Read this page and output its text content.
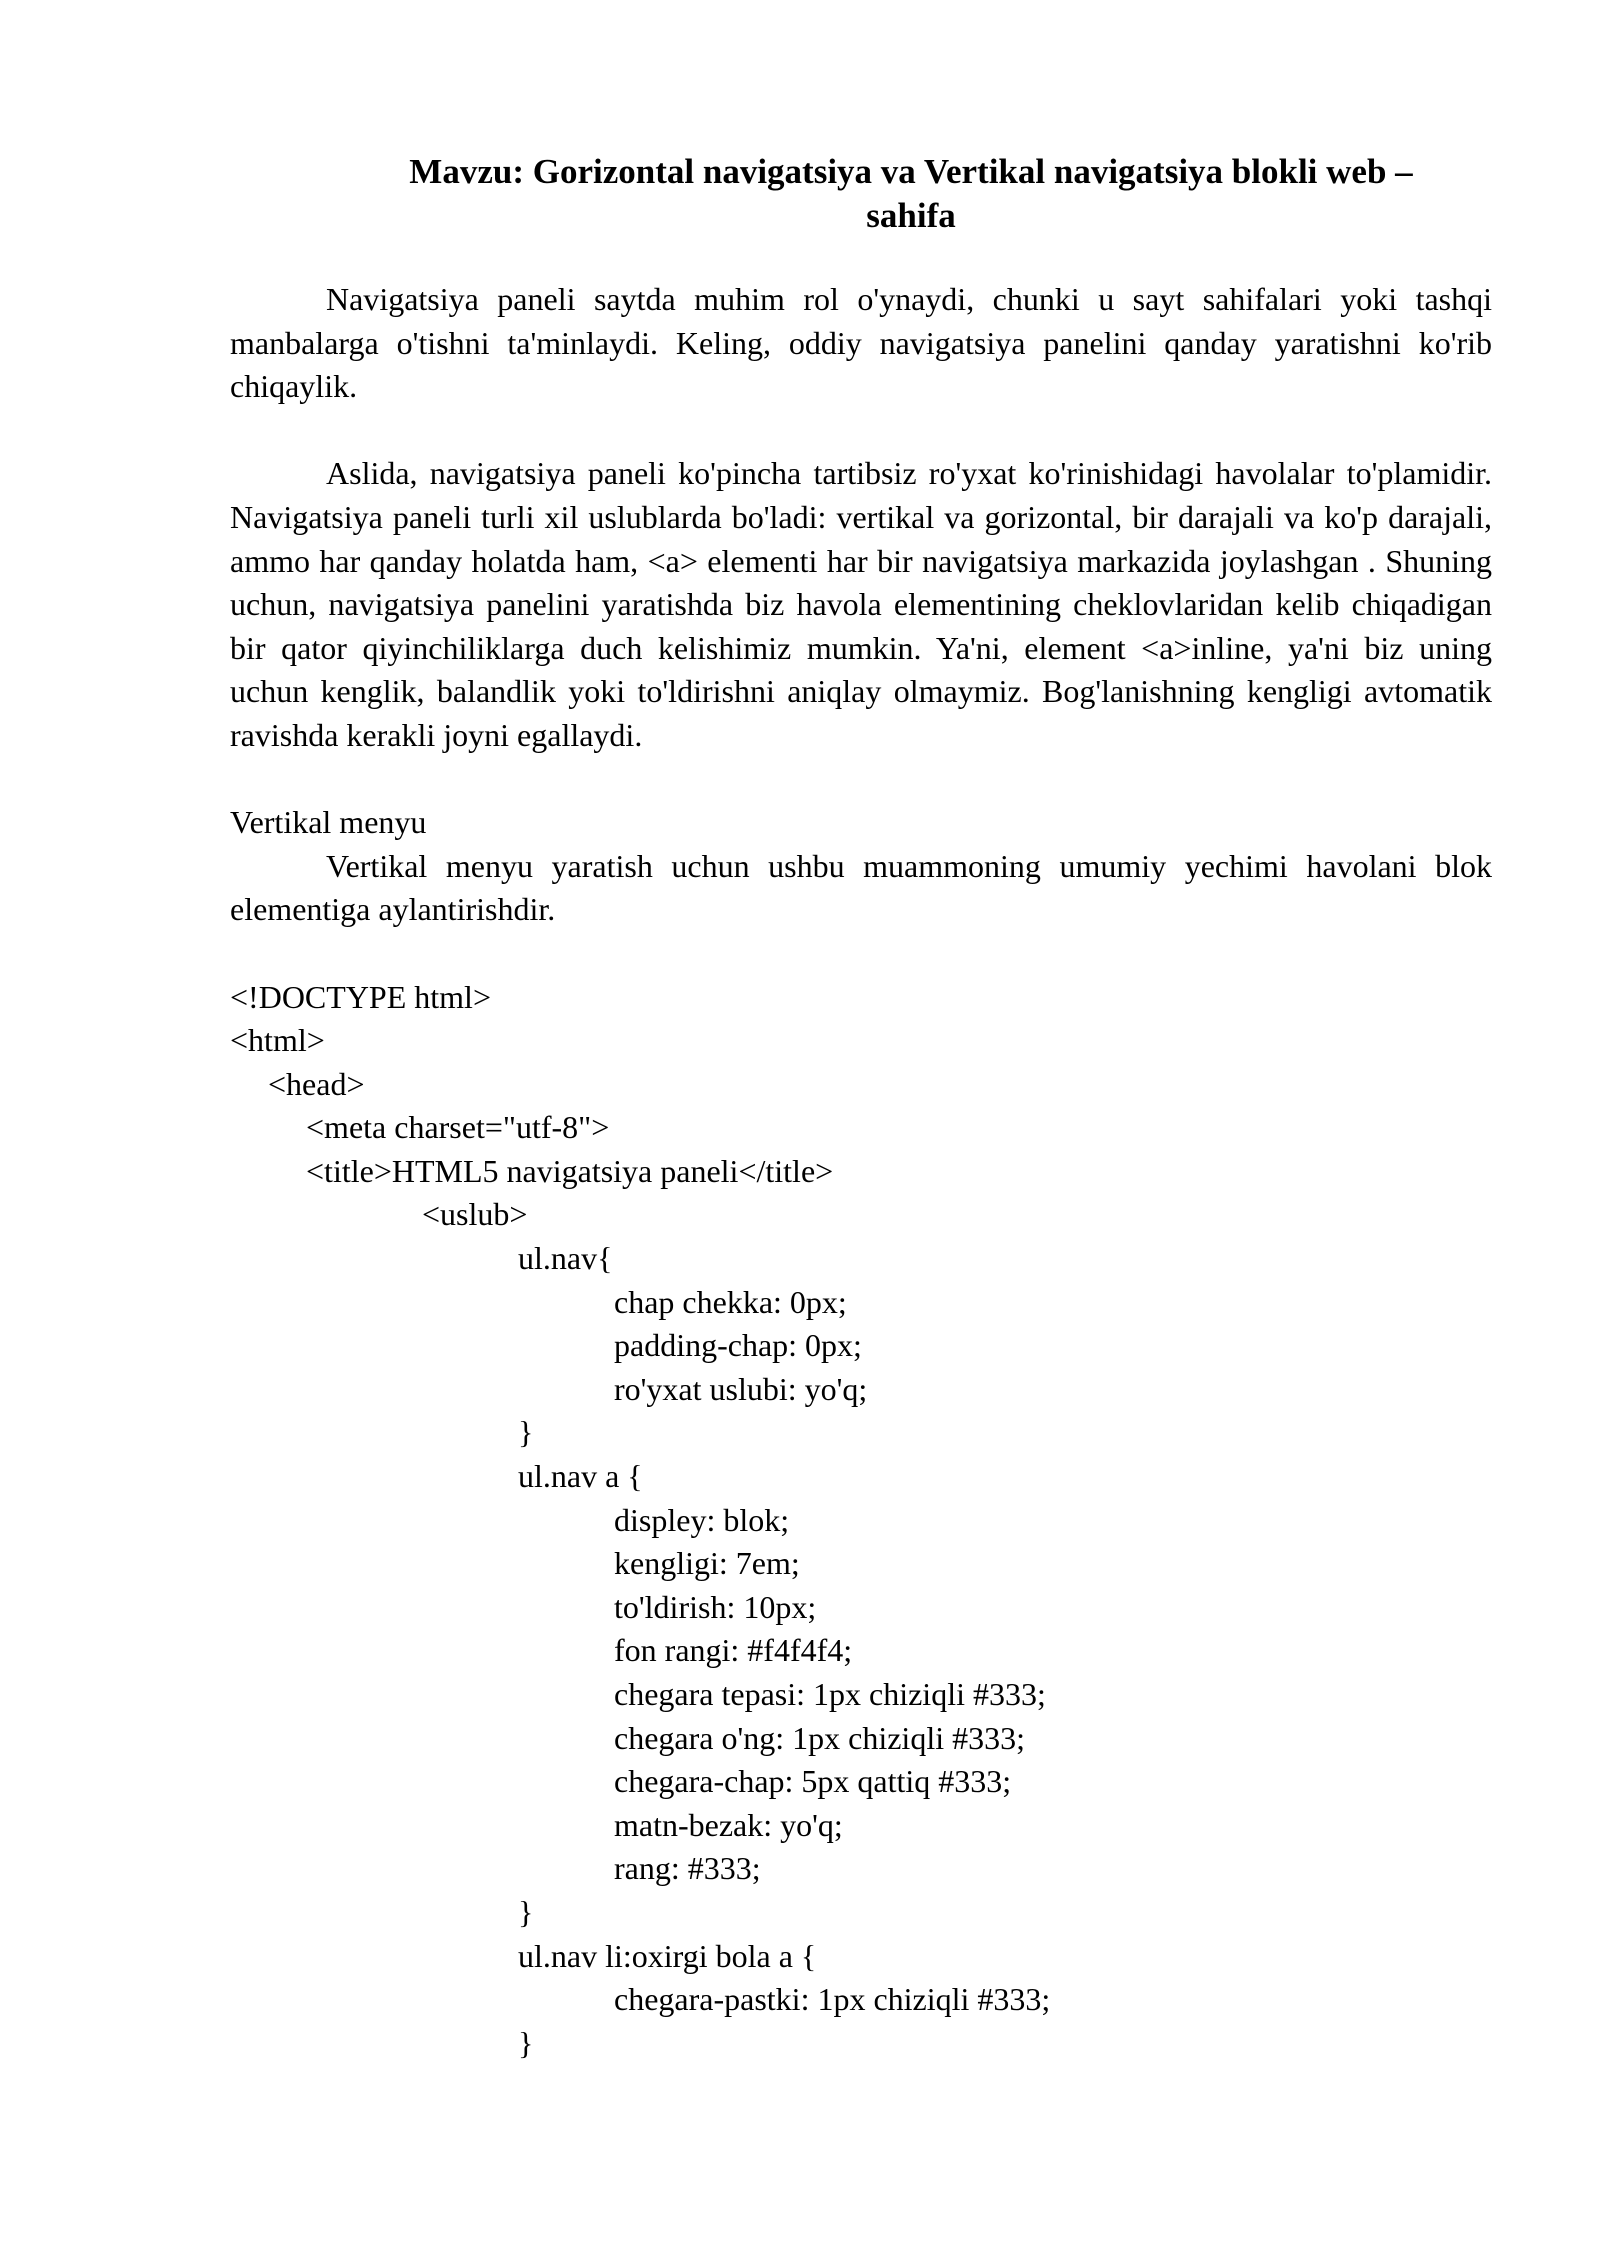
Mavzu: Gorizontal navigatsiya va Vertikal navigatsiya blokli web –
sahifa

Navigatsiya paneli saytda muhim rol o'ynaydi, chunki u sayt sahifalari yoki tashqi manbalarga o'tishni ta'minlaydi. Keling, oddiy navigatsiya panelini qanday yaratishni ko'rib chiqaylik.

Aslida, navigatsiya paneli ko'pincha tartibsiz ro'yxat ko'rinishidagi havolalar to'plamidir. Navigatsiya paneli turli xil uslublarda bo'ladi: vertikal va gorizontal, bir darajali va ko'p darajali, ammo har qanday holatda ham, <a> elementi har bir navigatsiya markazida joylashgan . Shuning uchun, navigatsiya panelini yaratishda biz havola elementining cheklovlaridan kelib chiqadigan bir qator qiyinchiliklarga duch kelishimiz mumkin. Ya'ni, element <a>inline, ya'ni biz uning uchun kenglik, balandlik yoki to'ldirishni aniqlay olmaymiz. Bog'lanishning kengligi avtomatik ravishda kerakli joyni egallaydi.

Vertikal menyu

Vertikal menyu yaratish uchun ushbu muammoning umumiy yechimi havolani blok elementiga aylantirishdir.

<!DOCTYPE html>
<html>
<head>
<meta charset="utf-8">
<title>HTML5 navigatsiya paneli</title>
<uslub>
ul.nav{
chap chekka: 0px;
padding-chap: 0px;
ro'yxat uslubi: yo'q;
}
ul.nav a {
displey: blok;
kengligi: 7em;
to'ldirish: 10px;
fon rangi: #f4f4f4;
chegara tepasi: 1px chiziqli #333;
chegara o'ng: 1px chiziqli #333;
chegara-chap: 5px qattiq #333;
matn-bezak: yo'q;
rang: #333;
}
ul.nav li:oxirgi bola a {
chegara-pastki: 1px chiziqli #333;
}
